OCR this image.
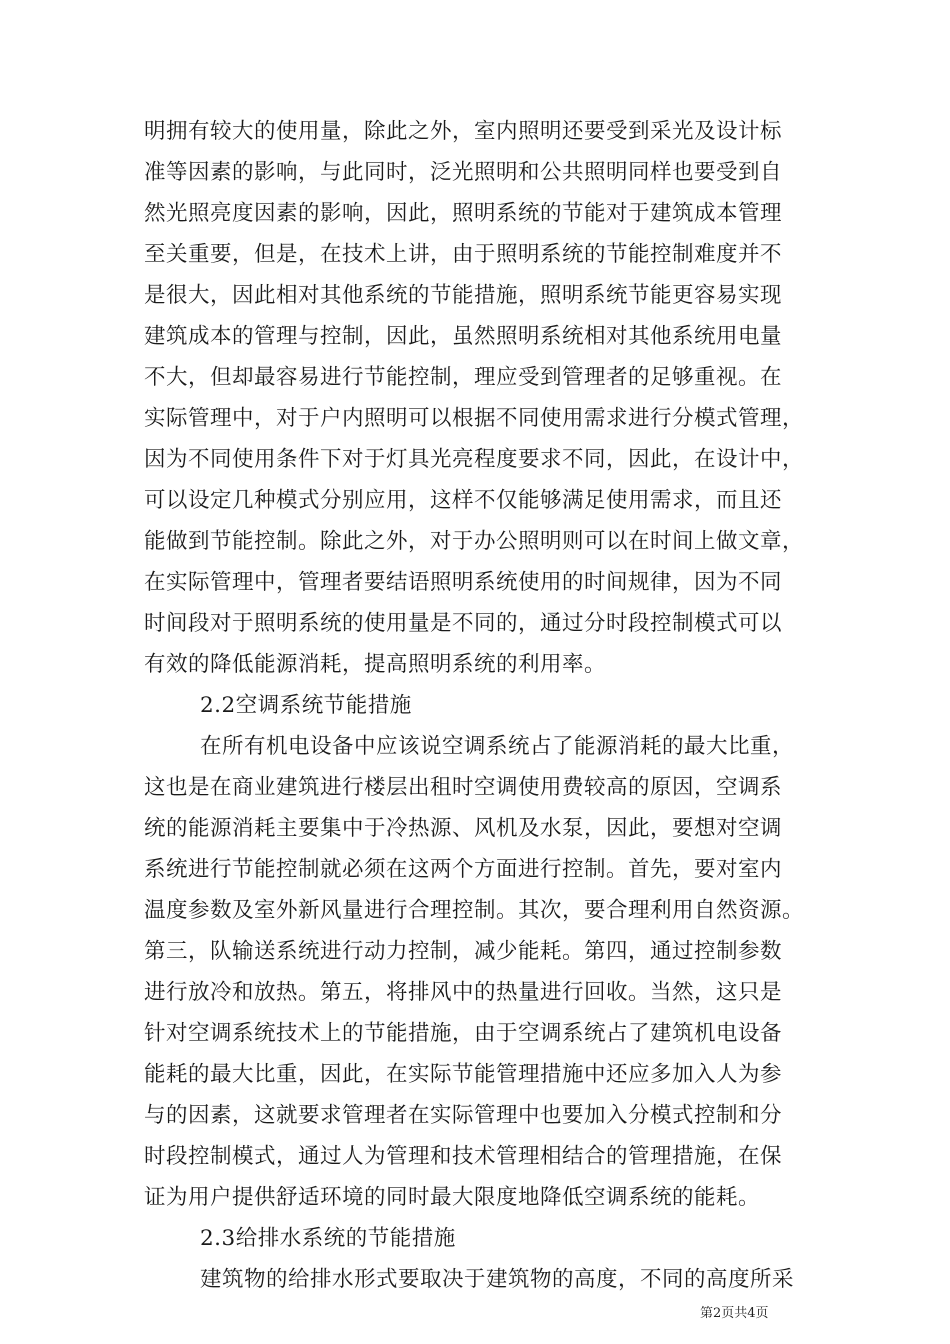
明拥有较大的使用量，除此之外，室内照明还要受到采光及设计标
准等因素的影响，与此同时，泛光照明和公共照明同样也要受到自
然光照亮度因素的影响，因此，照明系统的节能对于建筑成本管理
至关重要，但是，在技术上讲，由于照明系统的节能控制难度并不
是很大，因此相对其他系统的节能措施，照明系统节能更容易实现
建筑成本的管理与控制，因此，虽然照明系统相对其他系统用电量
不大，但却最容易进行节能控制，理应受到管理者的足够重视。在
实际管理中，对于户内照明可以根据不同使用需求进行分模式管理，
因为不同使用条件下对于灯具光亮程度要求不同，因此，在设计中，
可以设定几种模式分别应用，这样不仅能够满足使用需求，而且还
能做到节能控制。除此之外，对于办公照明则可以在时间上做文章，
在实际管理中，管理者要结语照明系统使用的时间规律，因为不同
时间段对于照明系统的使用量是不同的，通过分时段控制模式可以
有效的降低能源消耗，提高照明系统的利用率。
2.2空调系统节能措施
在所有机电设备中应该说空调系统占了能源消耗的最大比重，
这也是在商业建筑进行楼层出租时空调使用费较高的原因，空调系
统的能源消耗主要集中于冷热源、风机及水泵，因此，要想对空调
系统进行节能控制就必须在这两个方面进行控制。首先，要对室内
温度参数及室外新风量进行合理控制。其次，要合理利用自然资源。
第三，队输送系统进行动力控制，减少能耗。第四，通过控制参数
进行放冷和放热。第五，将排风中的热量进行回收。当然，这只是
针对空调系统技术上的节能措施，由于空调系统占了建筑机电设备
能耗的最大比重，因此，在实际节能管理措施中还应多加入人为参
与的因素，这就要求管理者在实际管理中也要加入分模式控制和分
时段控制模式，通过人为管理和技术管理相结合的管理措施，在保
证为用户提供舒适环境的同时最大限度地降低空调系统的能耗。
2.3给排水系统的节能措施
建筑物的给排水形式要取决于建筑物的高度，不同的高度所采
第2页共4页
